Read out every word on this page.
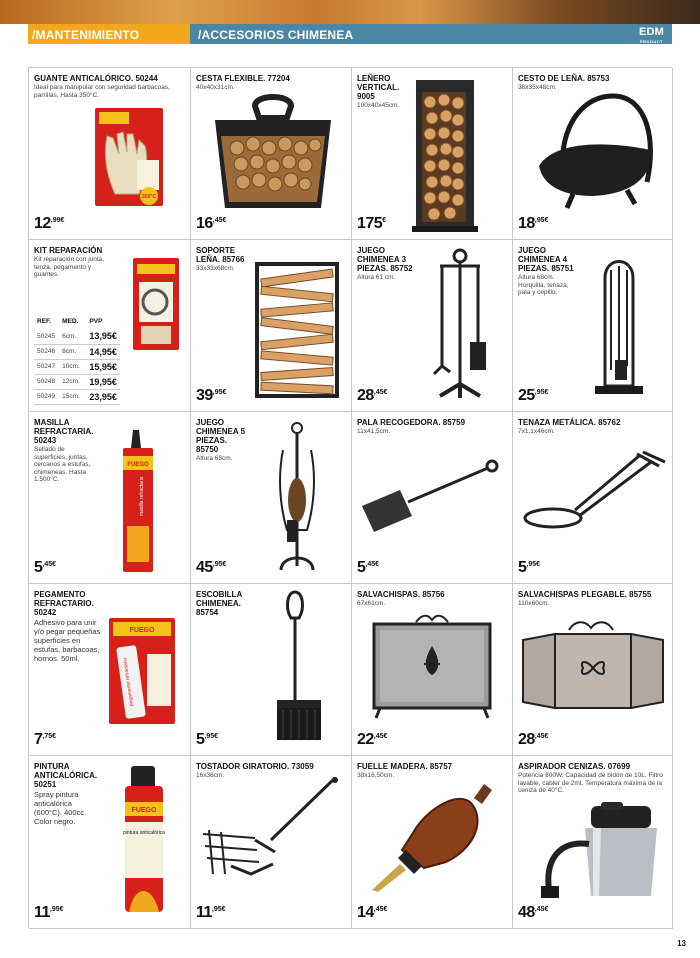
/MANTENIMIENTO	/ACCESORIOS CHIMENEA	EDM
PRODUCT
GUANTE ANTICALÓRICO. 50244
Ideal para manipular con seguridad barbacoas, parrillas. Hasta 350°C.
350°C
$12^{,99€}$
CESTA FLEXIBLE. 77204
40x40x31cm.
$16^{,45€}$
LEÑERO VERTICAL. 9005
100x40x45cm.
175€
CESTO DE LEÑA. 85753
38x35x48cm.
$18^{,95€}$
KIT REPARACIÓN
Kit reparación con junta, tenza, pegamento y guantes.
REF.	MED.	PVP
50245	6cm.	13,95€
50246	8cm.	14,95€
50247	10cm.	15,95€
50248	12cm.	19,95€
50249	15cm.	23,95€
SOPORTE LEÑA. 85766
33x33x68cm.
$39^{,95€}$
JUEGO CHIMENEA 3 PIEZAS. 85752
Altura 61 cm.
$28^{,45€}$
JUEGO CHIMENEA 4 PIEZAS. 85751
Altura 68cm. Horquilla, tenaza, pala y cepillo.
$25^{,95€}$
MASILLA REFRACTARIA. 50243
Sellado de superficies, juntas, cercanos a estufas, chimeneas. Hasta 1.500°C.
FUEGO
masilla refractaria
$5^{,45€}$
JUEGO CHIMENEA 5 PIEZAS. 85750
Altura 68cm.
$45^{,95€}$
PALA RECOGEDORA. 85759
11x41,5cm.
$5^{,45€}$
TENAZA METÁLICA. 85762
7x1,1x46cm.
$5^{,95€}$
PEGAMENTO REFRACTARIO. 50242
Adhesivo para unir y/o pegar pequeñas superficies en estufas, barbacoas, hornos. 50ml.
FUEGO
pegamento refractario
$7^{,75€}$
ESCOBILLA CHIMENEA. 85754
$5^{,95€}$
SALVACHISPAS. 85756
67x61cm.
$22^{,45€}$
SALVACHISPAS PLEGABLE. 85755
110x60cm.
$28^{,45€}$
PINTURA ANTICALÓRICA. 50251
Spray pintura anticalórica (600°C). 400cc. Color negro.
FUEGO
pintura anticalórica
$11^{,95€}$
TOSTADOR GIRATORIO. 73059
16x36cm.
$11^{,95€}$
FUELLE MADERA. 85757
38x16,50cm.
$14^{,45€}$
ASPIRADOR CENIZAS. 07699
Potencia 800W. Capacidad de bidón de 10L. Filtro lavable, cabler de 2mt. Temperatura máxima de la ceniza de 40°C.
$48^{,45€}$
13
